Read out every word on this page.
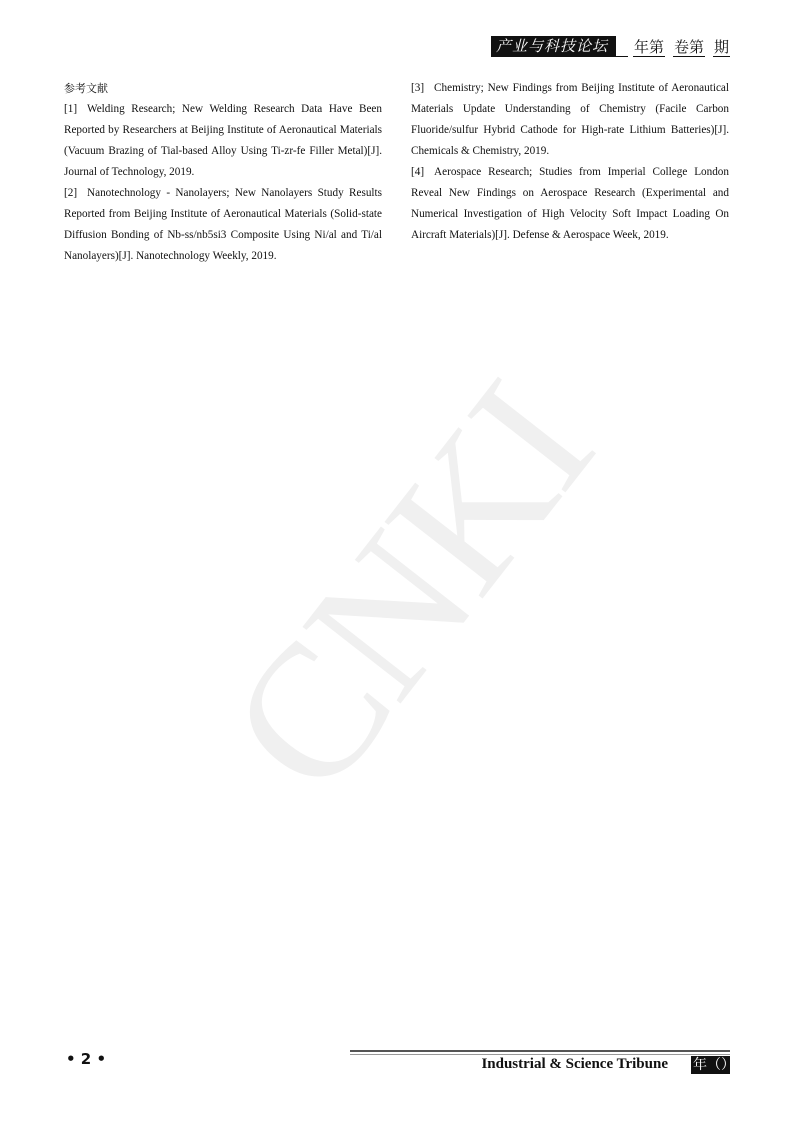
CNKI
产业与科技论坛	年第 卷第 期
参考文献

[1] Welding Research; New Welding Research Data Have Been Reported by Researchers at Beijing Institute of Aeronautical Materials (Vacuum Brazing of Tial-based Alloy Using Ti-zr-fe Filler Metal)[J]. Journal of Technology, 2019.

[2] Nanotechnology - Nanolayers; New Nanolayers Study Results Reported from Beijing Institute of Aeronautical Materials (Solid-state Diffusion Bonding of Nb-ss/nb5si3 Composite Using Ni/al and Ti/al Nanolayers)[J]. Nanotechnology Weekly, 2019.

[3] Chemistry; New Findings from Beijing Institute of Aeronautical Materials Update Understanding of Chemistry (Facile Carbon Fluoride/sulfur Hybrid Cathode for High-rate Lithium Batteries)[J]. Chemicals & Chemistry, 2019.

[4] Aerospace Research; Studies from Imperial College London Reveal New Findings on Aerospace Research (Experimental and Numerical Investigation of High Velocity Soft Impact Loading On Aircraft Materials)[J]. Defense & Aerospace Week, 2019.

• 2 •	Industrial & Science Tribune 年（）
